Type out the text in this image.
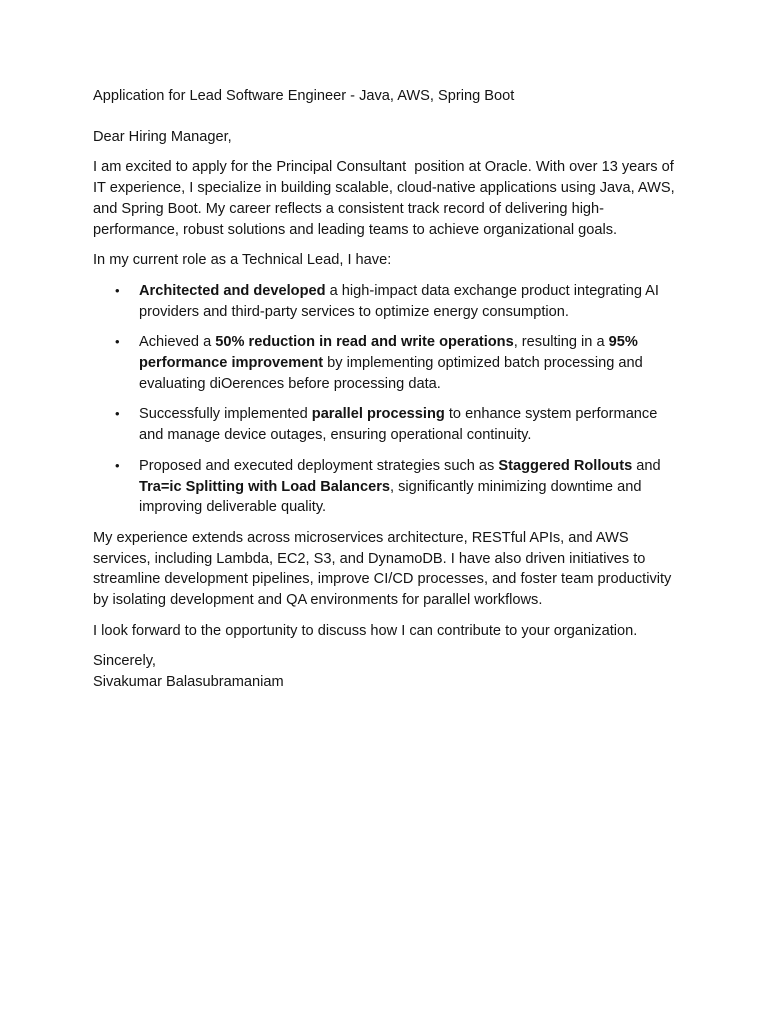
Application for Lead Software Engineer - Java, AWS, Spring Boot

Dear Hiring Manager,

I am excited to apply for the Principal Consultant  position at Oracle. With over 13 years of IT experience, I specialize in building scalable, cloud-native applications using Java, AWS, and Spring Boot. My career reflects a consistent track record of delivering high-performance, robust solutions and leading teams to achieve organizational goals.

In my current role as a Technical Lead, I have:

• Architected and developed a high-impact data exchange product integrating AI providers and third-party services to optimize energy consumption.
• Achieved a 50% reduction in read and write operations, resulting in a 95% performance improvement by implementing optimized batch processing and evaluating diOerences before processing data.
• Successfully implemented parallel processing to enhance system performance and manage device outages, ensuring operational continuity.
• Proposed and executed deployment strategies such as Staggered Rollouts and Tra=ic Splitting with Load Balancers, significantly minimizing downtime and improving deliverable quality.

My experience extends across microservices architecture, RESTful APIs, and AWS services, including Lambda, EC2, S3, and DynamoDB. I have also driven initiatives to streamline development pipelines, improve CI/CD processes, and foster team productivity by isolating development and QA environments for parallel workflows.

I look forward to the opportunity to discuss how I can contribute to your organization.

Sincerely,

Sivakumar Balasubramaniam
